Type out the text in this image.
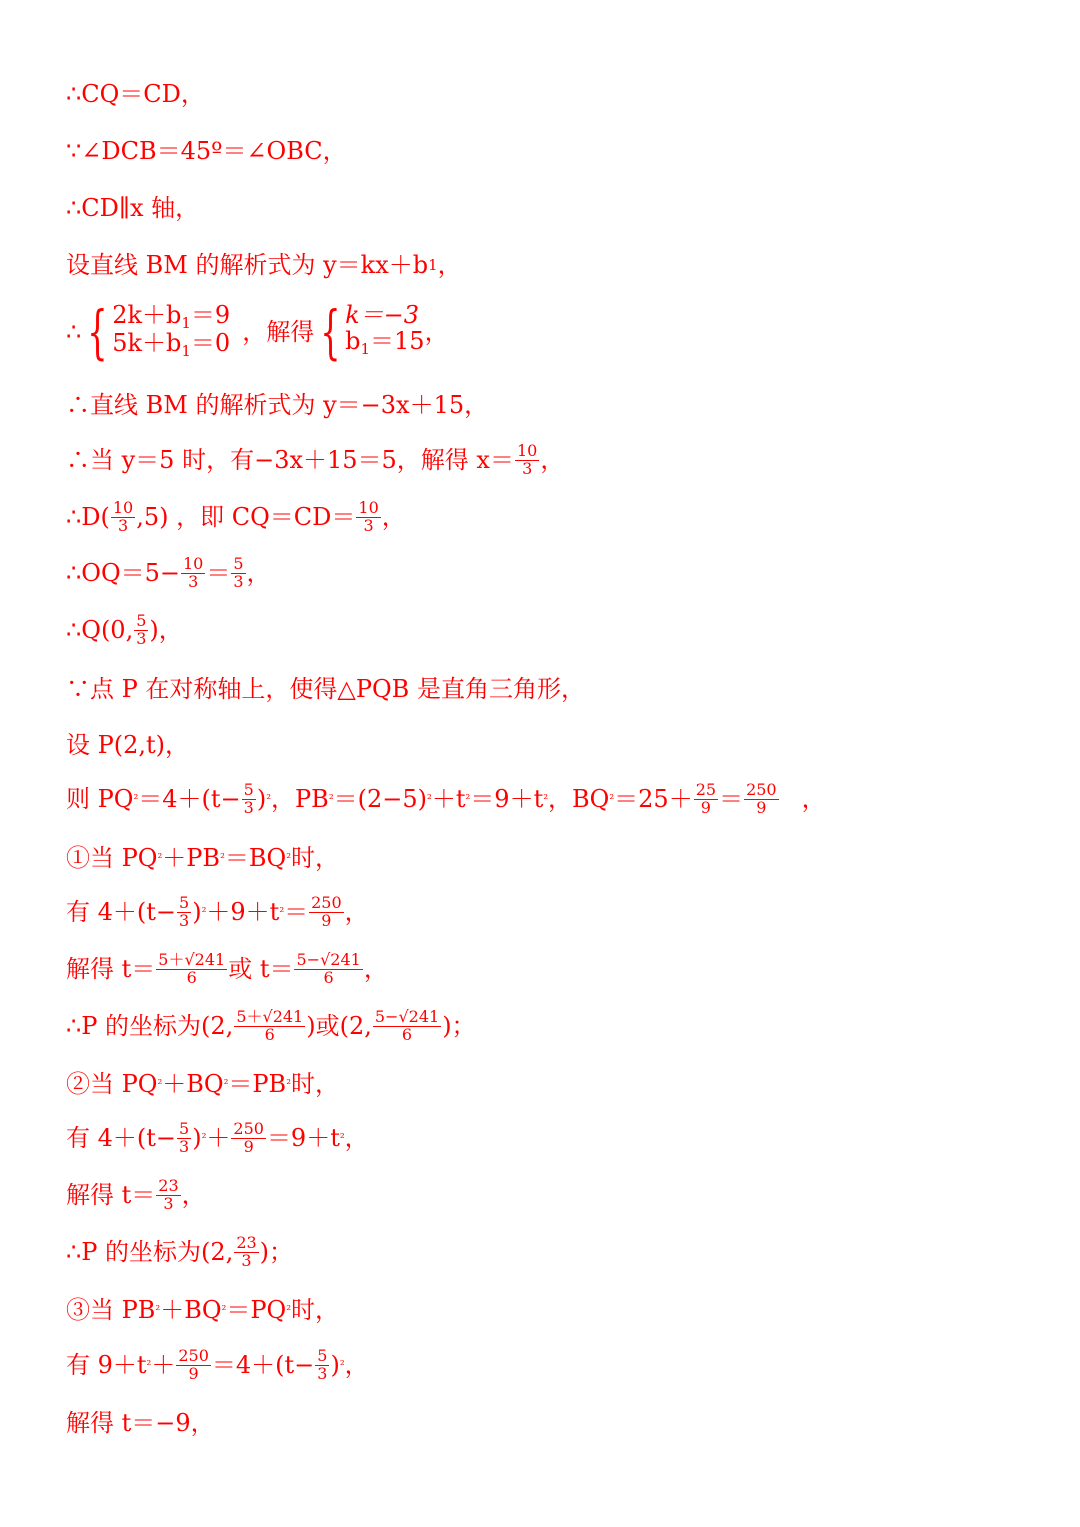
∴CQ＝CD，
∵∠DCB＝45º＝∠OBC，
∴CD∥x 轴，
设直线 BM 的解析式为 y＝kx＋b 1 ，
∴ { $2k+b_1=9$
$5k+b_1=0$ ，解得 { k＝−3
$b_1=15$ ，
∴直线 BM 的解析式为 y＝−3x＋15，
∴当 y＝5 时，有−3x＋15＝5，解得 $x= \frac{10}{3}$ ，
∴D( $\frac{10}{3} ,5$) ，即 $CQ=CD= \frac{10}{3}$ ，
∴OQ＝5− $\frac{10}{3} = \frac{5}{3}$ ，
∴Q(0, $\frac{5}{3}$ )，
∵点 P 在对称轴上，使得△PQB 是直角三角形，
设 P(2,t)，
则 PQ $^2 =4+(t- \frac{5}{3}$ ) ² ，PB ² ＝(2−5) ² ＋t ² ＝9＋t ² ，BQ $^2 =25+ \frac{25}{9} = \frac{250}{9}$ ，
①当 PQ ² ＋PB ² ＝BQ ² 时，
有 $4+(t- \frac{5}{3}$ ) ² ＋9＋t $^2 = \frac{250}{9}$ ，
解得 $t= \frac{5+√241}{6}$ 或 $t= \frac{5-√241}{6}$ ，
∴P 的坐标为(2, $\frac{5+√241}{6}$ )或(2, $\frac{5-√241}{6}$ )；
②当 PQ ² ＋BQ ² ＝PB ² 时，
有 $4+(t- \frac{5}{3}$ ) $^2 + \frac{250}{9} =9+t$ ² ，
解得 $t= \frac{23}{3}$ ，
∴P 的坐标为(2, $\frac{23}{3}$ )；
③当 PB ² ＋BQ ² ＝PQ ² 时，
有 9＋t $^2 + \frac{250}{9} =4+(t- \frac{5}{3}$ ) ² ，
解得 t＝−9，
